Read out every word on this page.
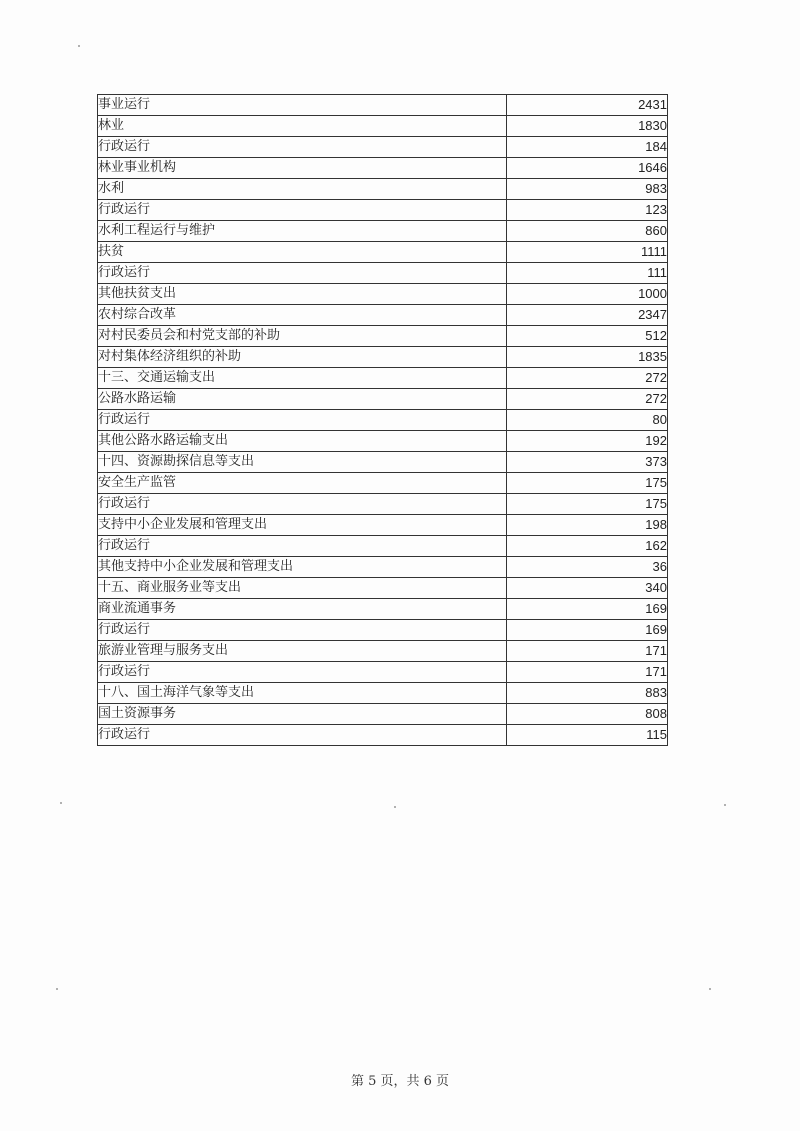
事业运行	2431
林业	1830
行政运行	184
林业事业机构	1646
水利	983
行政运行	123
水利工程运行与维护	860
扶贫	1111
行政运行	111
其他扶贫支出	1000
农村综合改革	2347
对村民委员会和村党支部的补助	512
对村集体经济组织的补助	1835
十三、交通运输支出	272
公路水路运输	272
行政运行	80
其他公路水路运输支出	192
十四、资源勘探信息等支出	373
安全生产监管	175
行政运行	175
支持中小企业发展和管理支出	198
行政运行	162
其他支持中小企业发展和管理支出	36
十五、商业服务业等支出	340
商业流通事务	169
行政运行	169
旅游业管理与服务支出	171
行政运行	171
十八、国土海洋气象等支出	883
国土资源事务	808
行政运行	115
第 5 页，共 6 页
